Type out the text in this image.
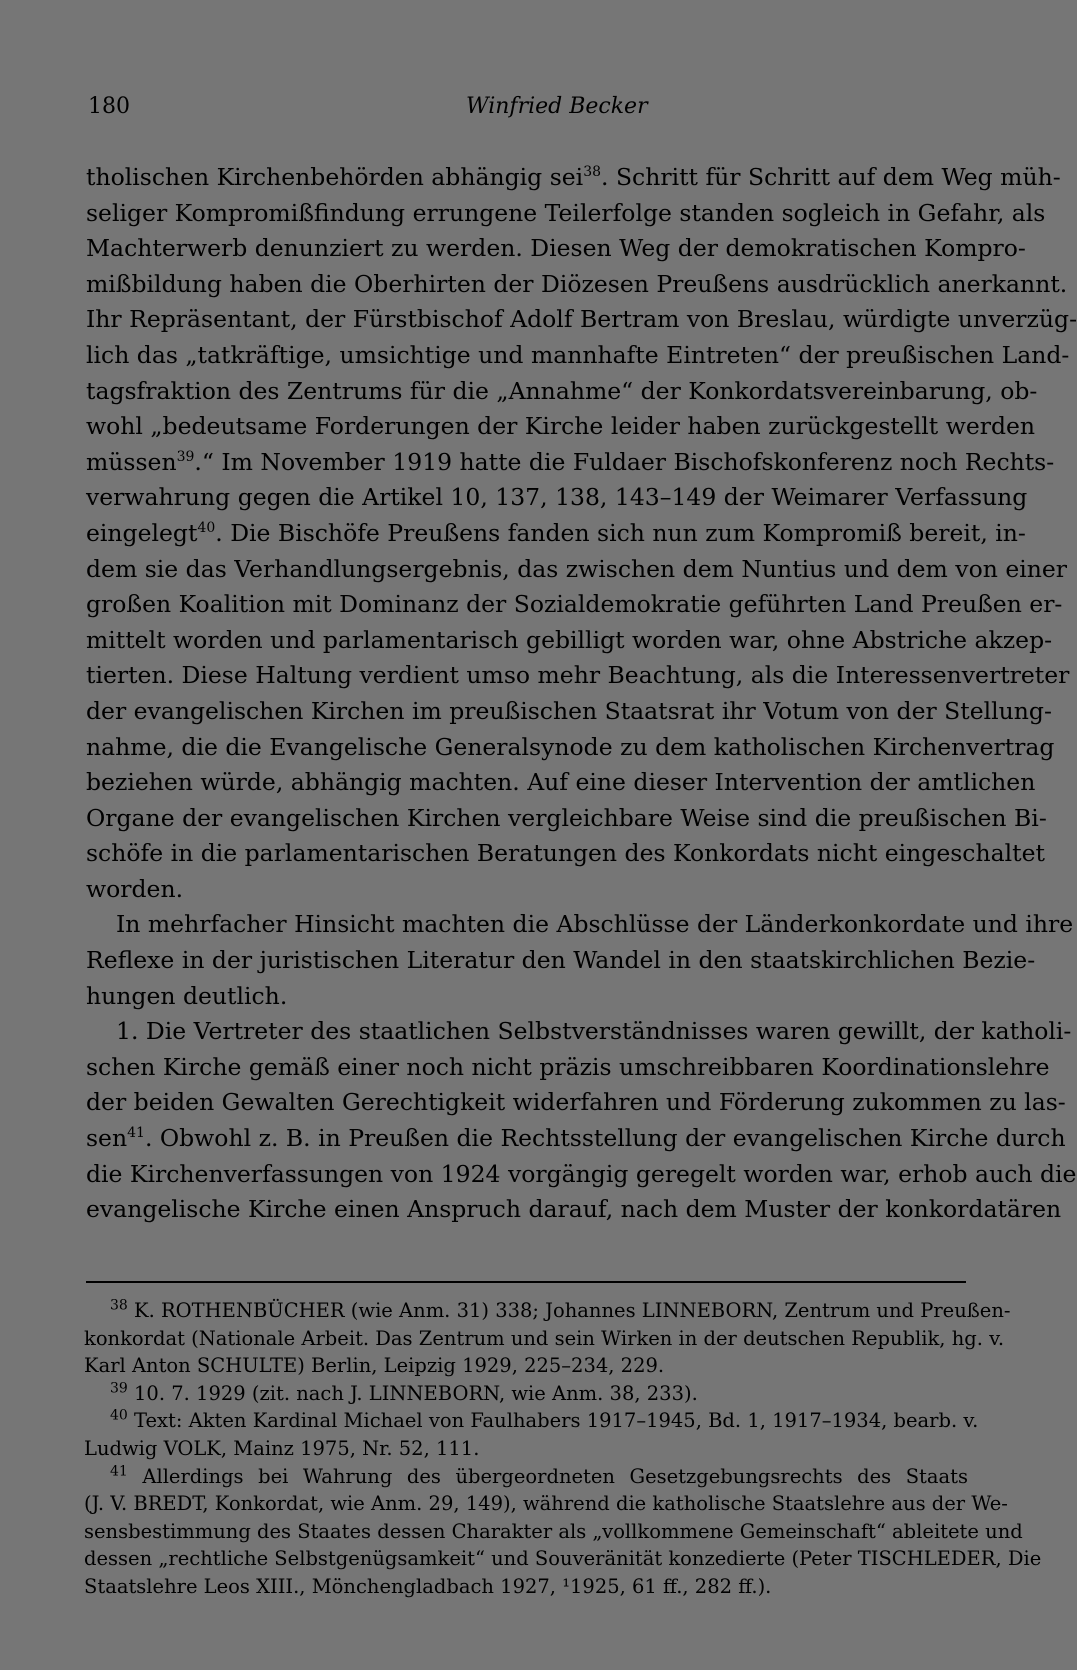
180	Winfried Becker
tholischen Kirchenbehörden abhängig sei$^{38}$. Schritt für Schritt auf dem Weg müh-
seliger Kompromißfindung errungene Teilerfolge standen sogleich in Gefahr, als
Machterwerb denunziert zu werden. Diesen Weg der demokratischen Kompro-
mißbildung haben die Oberhirten der Diözesen Preußens ausdrücklich anerkannt.
Ihr Repräsentant, der Fürstbischof Adolf Bertram von Breslau, würdigte unverzüg-
lich das „tatkräftige, umsichtige und mannhafte Eintreten“ der preußischen Land-
tagsfraktion des Zentrums für die „Annahme“ der Konkordatsvereinbarung, ob-
wohl „bedeutsame Forderungen der Kirche leider haben zurückgestellt werden
müssen$^{39}$.“ Im November 1919 hatte die Fuldaer Bischofskonferenz noch Rechts-
verwahrung gegen die Artikel 10, 137, 138, 143–149 der Weimarer Verfassung
eingelegt$^{40}$. Die Bischöfe Preußens fanden sich nun zum Kompromiß bereit, in-
dem sie das Verhandlungsergebnis, das zwischen dem Nuntius und dem von einer
großen Koalition mit Dominanz der Sozialdemokratie geführten Land Preußen er-
mittelt worden und parlamentarisch gebilligt worden war, ohne Abstriche akzep-
tierten. Diese Haltung verdient umso mehr Beachtung, als die Interessenvertreter
der evangelischen Kirchen im preußischen Staatsrat ihr Votum von der Stellung-
nahme, die die Evangelische Generalsynode zu dem katholischen Kirchenvertrag
beziehen würde, abhängig machten. Auf eine dieser Intervention der amtlichen
Organe der evangelischen Kirchen vergleichbare Weise sind die preußischen Bi-
schöfe in die parlamentarischen Beratungen des Konkordats nicht eingeschaltet
worden.
In mehrfacher Hinsicht machten die Abschlüsse der Länderkonkordate und ihre
Reflexe in der juristischen Literatur den Wandel in den staatskirchlichen Bezie-
hungen deutlich.
1. Die Vertreter des staatlichen Selbstverständnisses waren gewillt, der katholi-
schen Kirche gemäß einer noch nicht präzis umschreibbaren Koordinationslehre
der beiden Gewalten Gerechtigkeit widerfahren und Förderung zukommen zu las-
sen$^{41}$. Obwohl z. B. in Preußen die Rechtsstellung der evangelischen Kirche durch
die Kirchenverfassungen von 1924 vorgängig geregelt worden war, erhob auch die
evangelische Kirche einen Anspruch darauf, nach dem Muster der konkordatären
$^{38}$ K. ROTHENBÜCHER (wie Anm. 31) 338; Johannes LINNEBORN, Zentrum und Preußen-
konkordat (Nationale Arbeit. Das Zentrum und sein Wirken in der deutschen Republik, hg. v.
Karl Anton SCHULTE) Berlin, Leipzig 1929, 225–234, 229.
$^{39}$ 10. 7. 1929 (zit. nach J. LINNEBORN, wie Anm. 38, 233).
$^{40}$ Text: Akten Kardinal Michael von Faulhabers 1917–1945, Bd. 1, 1917–1934, bearb. v.
Ludwig VOLK, Mainz 1975, Nr. 52, 111.
$^{41}$ Allerdings bei Wahrung des übergeordneten Gesetzgebungsrechts des Staats
(J. V. BREDT, Konkordat, wie Anm. 29, 149), während die katholische Staatslehre aus der We-
sensbestimmung des Staates dessen Charakter als „vollkommene Gemeinschaft“ ableitete und
dessen „rechtliche Selbstgenügsamkeit“ und Souveränität konzedierte (Peter TISCHLEDER, Die
Staatslehre Leos XIII., Mönchengladbach 1927, ¹1925, 61 ff., 282 ff.).
